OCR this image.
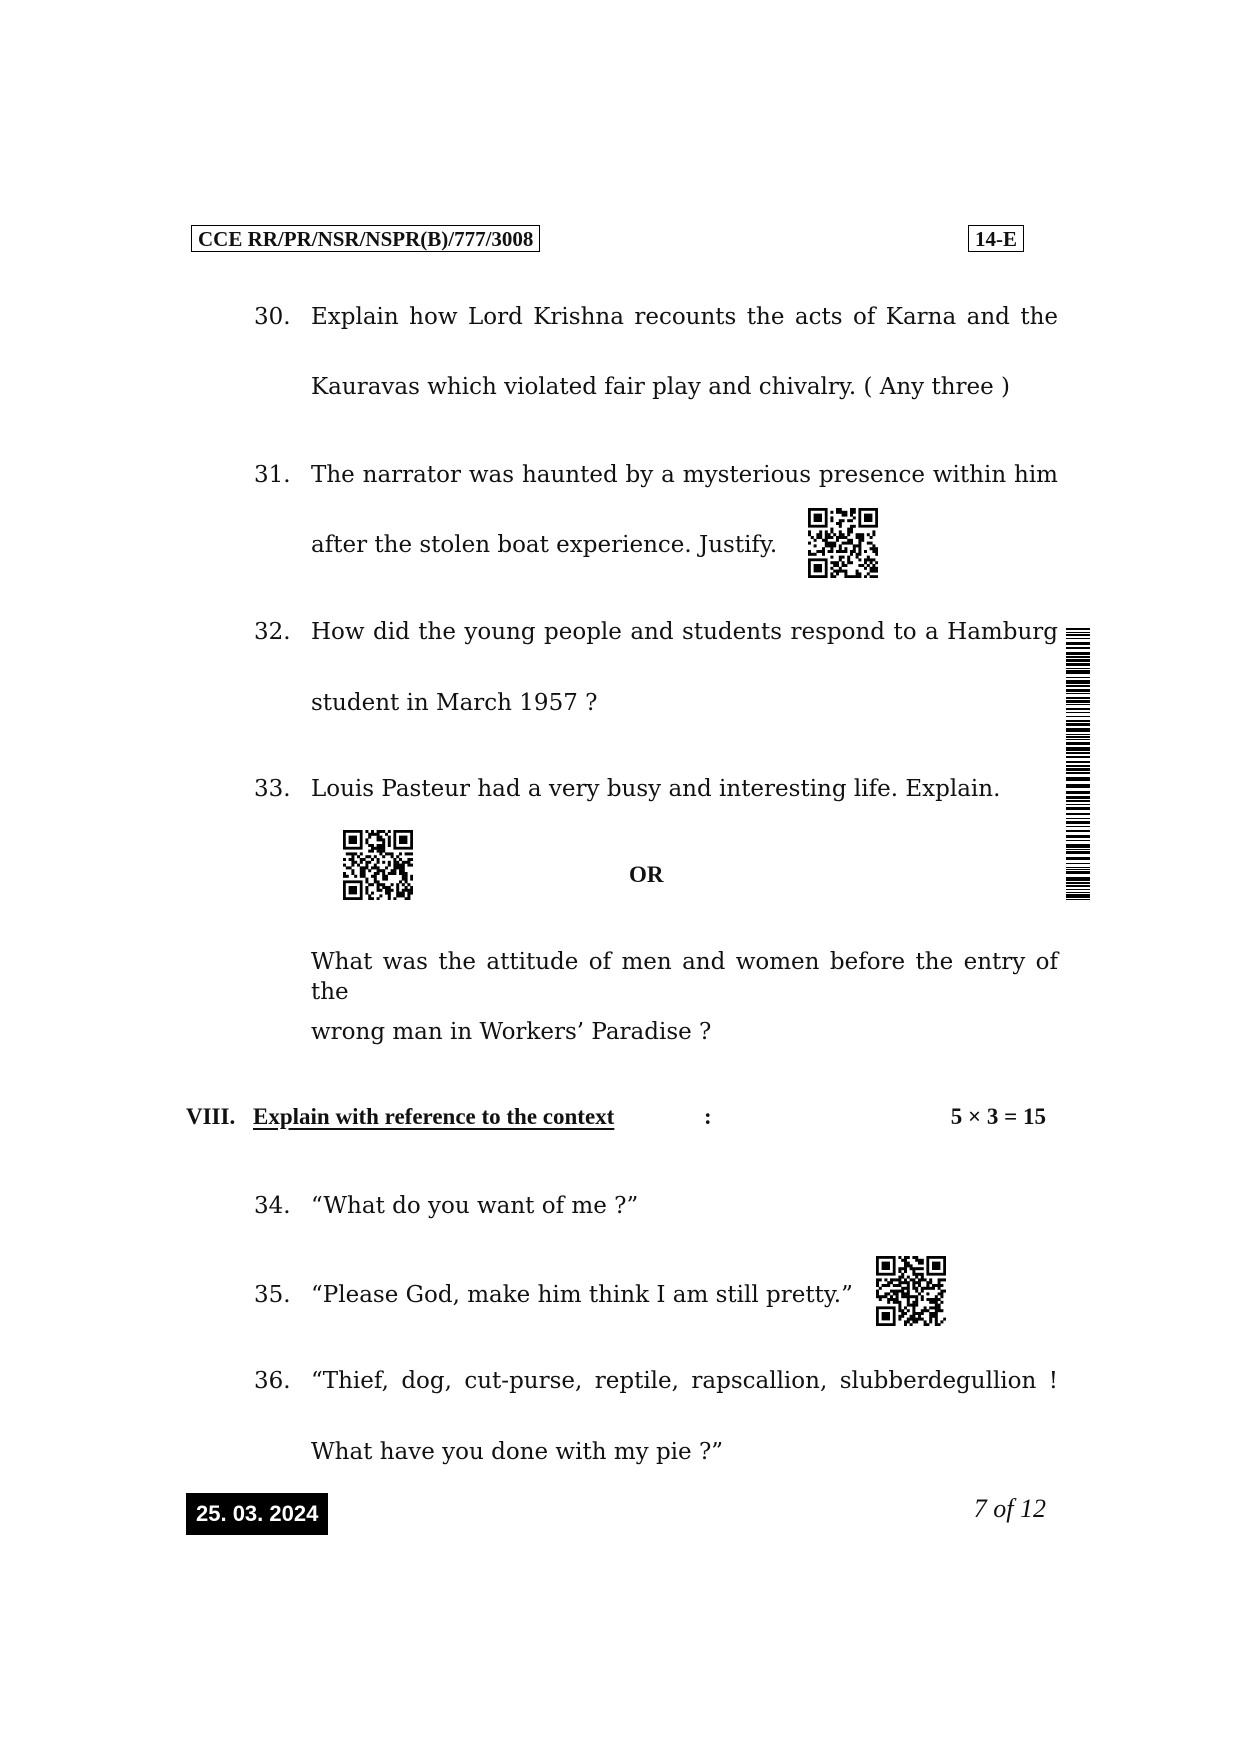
CCE RR/PR/NSR/NSPR(B)/777/3008	14-E
30. Explain how Lord Krishna recounts the acts of Karna and the
Kauravas which violated fair play and chivalry. ( Any three )
31. The narrator was haunted by a mysterious presence within him
after the stolen boat experience. Justify.
32. How did the young people and students respond to a Hamburg
student in March 1957 ?
33. Louis Pasteur had a very busy and interesting life. Explain.
OR
What was the attitude of men and women before the entry of the
wrong man in Workers’ Paradise ?
VIII. Explain with reference to the context	:	5 × 3 = 15
34. “What do you want of me ?”
35. “Please God, make him think I am still pretty.”
36. “Thief, dog, cut-purse, reptile, rapscallion, slubberdegullion !
What have you done with my pie ?”
25. 03. 2024	7 of 12
